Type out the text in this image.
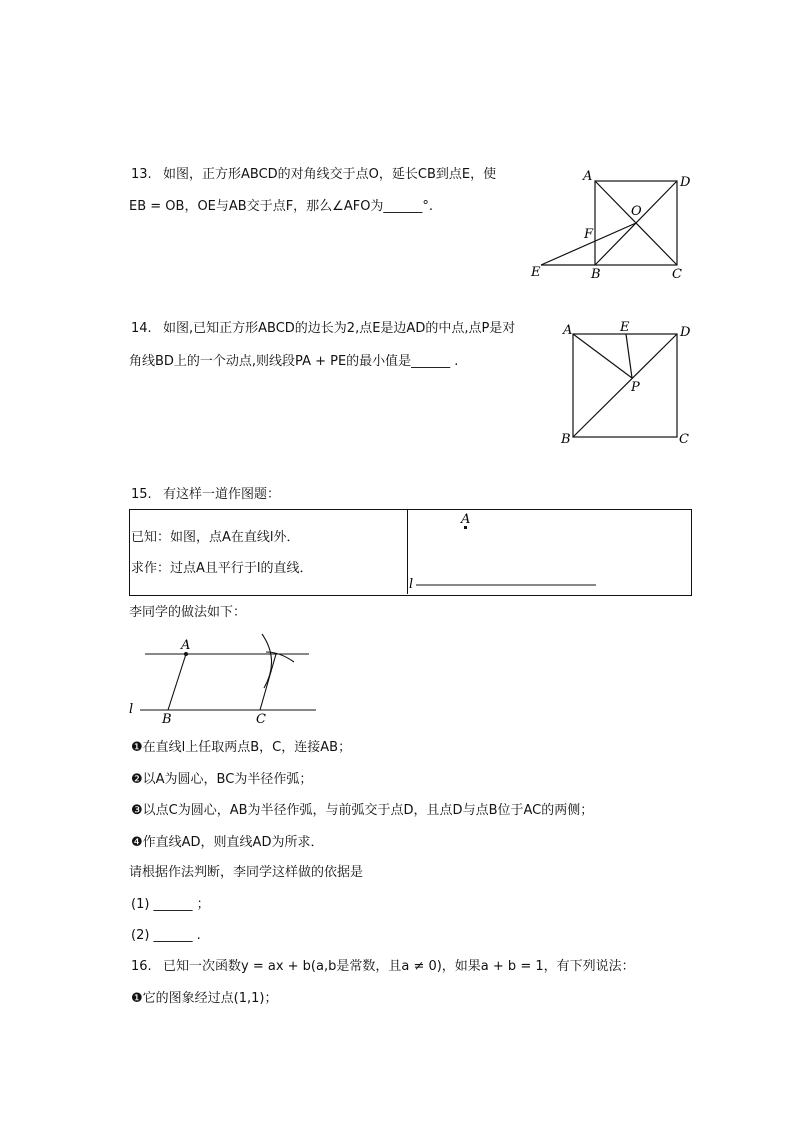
13. 如图，正方形ABCD的对角线交于点O，延长CB到点E，使
EB = OB，OE与AB交于点F，那么∠AFO为______°.
A	D
O
F
E	B	C
A	E	D
P
B	C
A
l
A
l
B	C
14. 如图,已知正方形ABCD的边长为2,点E是边AD的中点,点P是对
角线BD上的一个动点,则线段PA + PE的最小值是______ .
15. 有这样一道作图题：
已知：如图，点A在直线l外．
求作：过点A且平行于l的直线．
李同学的做法如下：
❶在直线l上任取两点B，C，连接AB；
❷以A为圆心，BC为半径作弧；
❸以点C为圆心，AB为半径作弧，与前弧交于点D，且点D与点B位于AC的两侧；
❹作直线AD，则直线AD为所求．
请根据作法判断，李同学这样做的依据是
(1) ______ ；
(2) ______ .
16. 已知一次函数y = ax + b(a,b是常数，且a ≠ 0)，如果a + b = 1，有下列说法：
❶它的图象经过点(1,1)；
